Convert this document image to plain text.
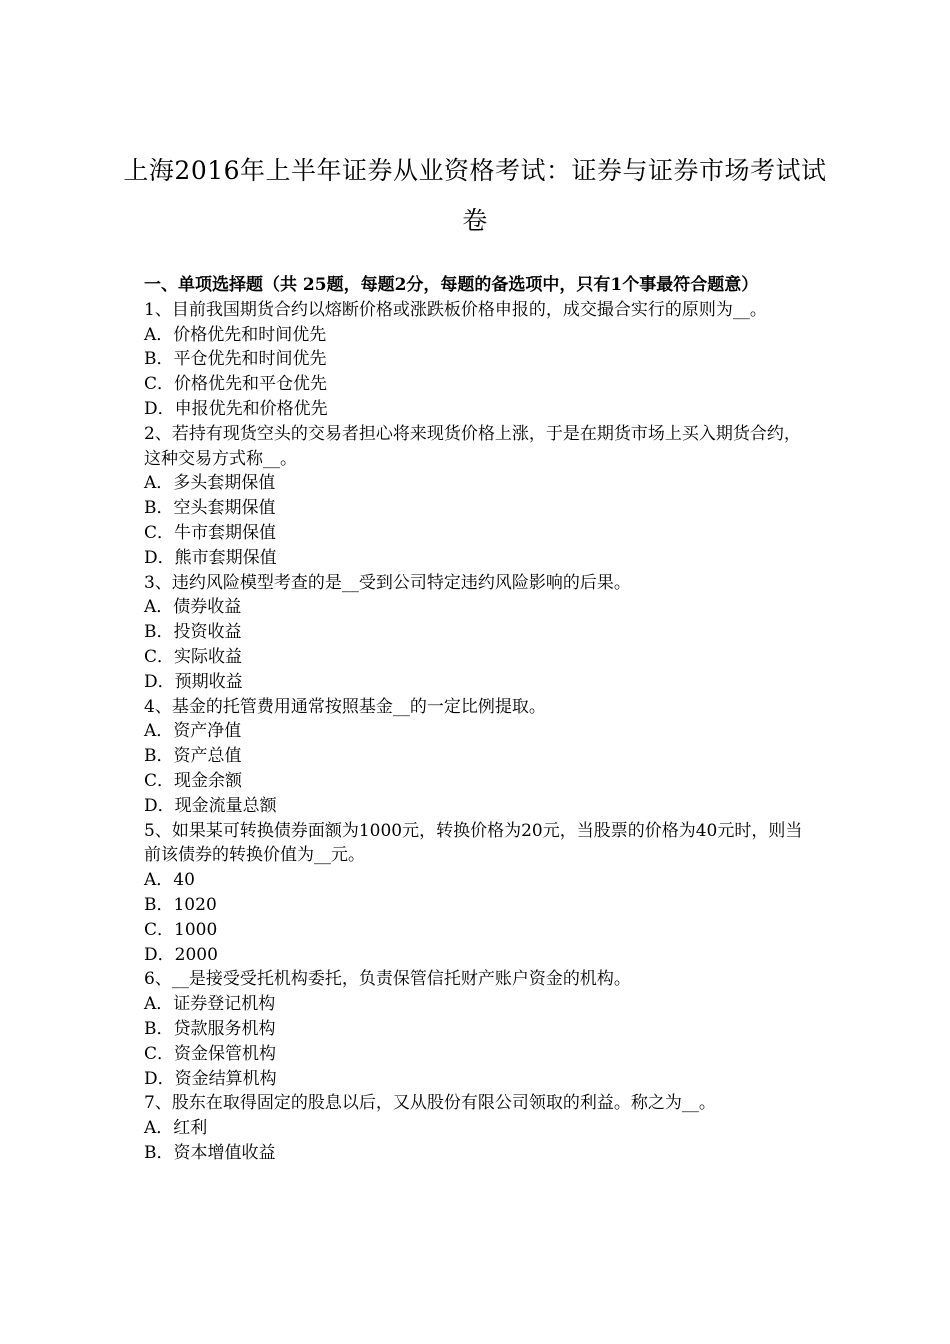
上海2016年上半年证券从业资格考试：证券与证券市场考试试卷
一、单项选择题（共 25题，每题2分，每题的备选项中，只有1个事最符合题意）
1、目前我国期货合约以熔断价格或涨跌板价格申报的，成交撮合实行的原则为__。
A．价格优先和时间优先
B．平仓优先和时间优先
C．价格优先和平仓优先
D．申报优先和价格优先
2、若持有现货空头的交易者担心将来现货价格上涨，于是在期货市场上买入期货合约，这种交易方式称__。
A．多头套期保值
B．空头套期保值
C．牛市套期保值
D．熊市套期保值
3、违约风险模型考查的是__受到公司特定违约风险影响的后果。
A．债券收益
B．投资收益
C．实际收益
D．预期收益
4、基金的托管费用通常按照基金__的一定比例提取。
A．资产净值
B．资产总值
C．现金余额
D．现金流量总额
5、如果某可转换债券面额为1000元，转换价格为20元，当股票的价格为40元时，则当前该债券的转换价值为__元。
A．40
B．1020
C．1000
D．2000
6、__是接受受托机构委托，负责保管信托财产账户资金的机构。
A．证券登记机构
B．贷款服务机构
C．资金保管机构
D．资金结算机构
7、股东在取得固定的股息以后，又从股份有限公司领取的利益。称之为__。
A．红利
B．资本增值收益
